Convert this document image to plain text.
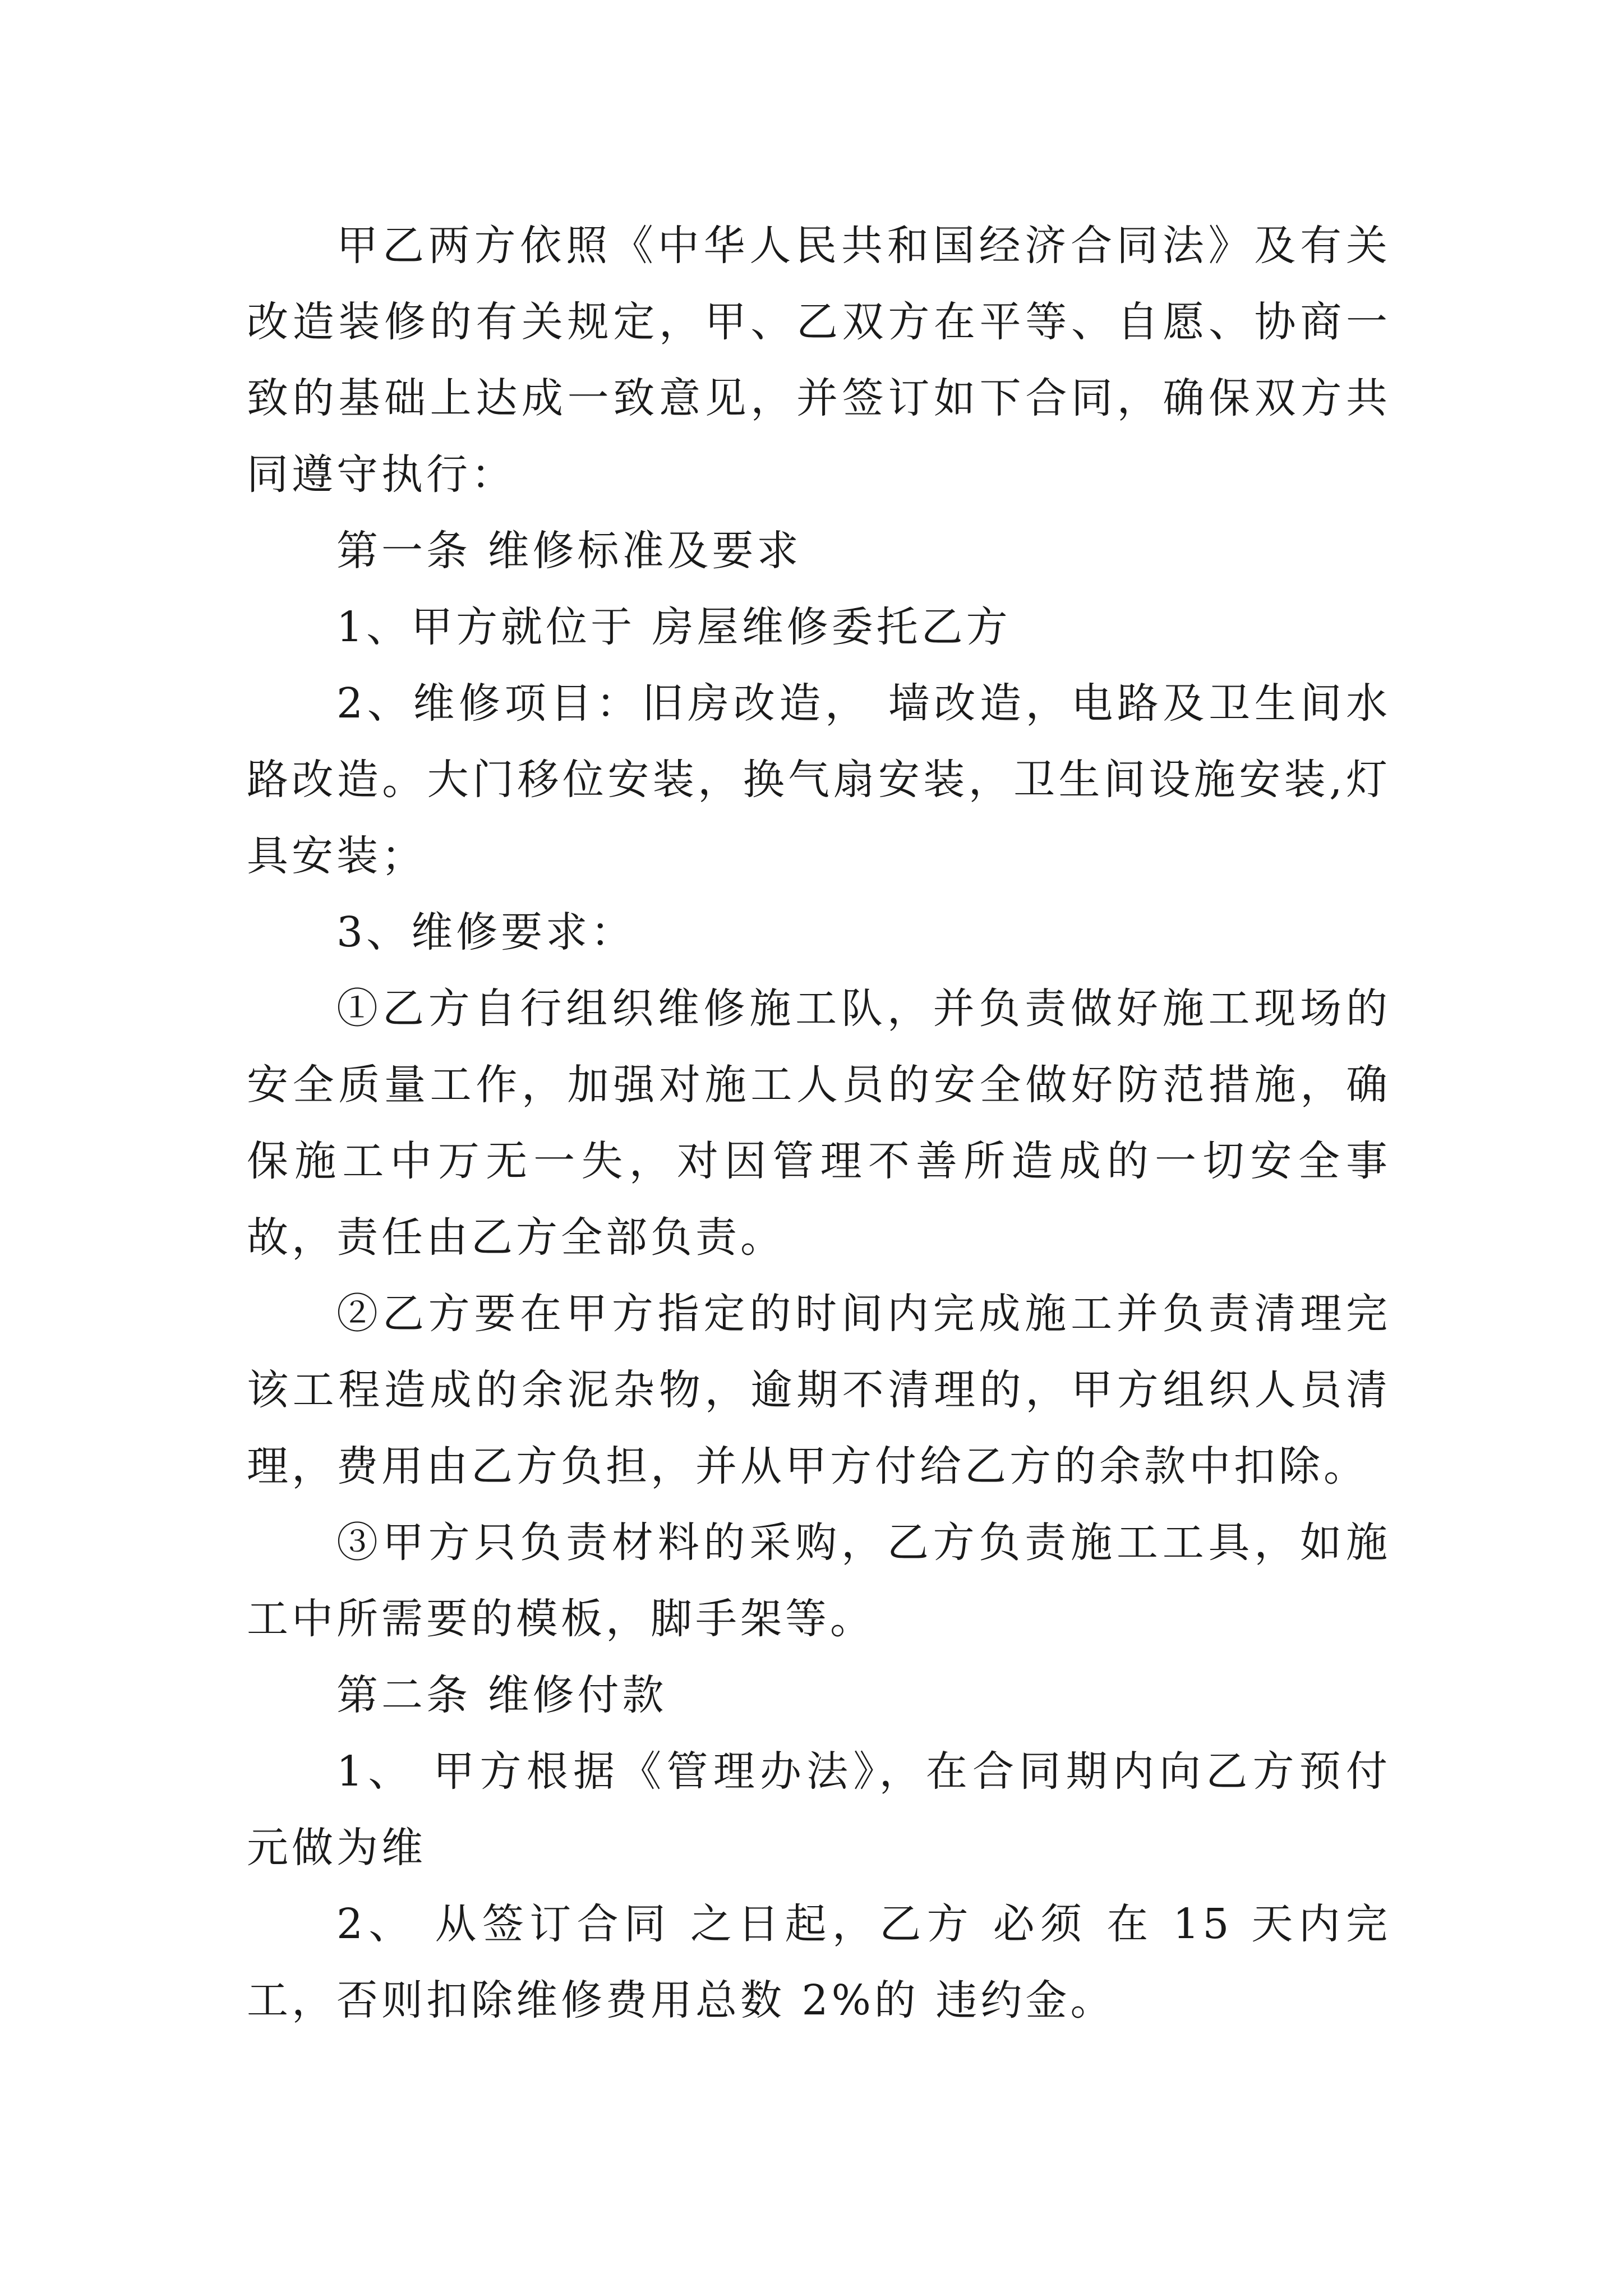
甲乙两方依照《中华人民共和国经济合同法》及有关改造装修的有关规定，甲、乙双方在平等、自愿、协商一致的基础上达成一致意见，并签订如下合同，确保双方共同遵守执行：

第一条 维修标准及要求

1、甲方就位于 房屋维修委托乙方

2、维修项目：旧房改造， 墙改造，电路及卫生间水路改造。大门移位安装，换气扇安装，卫生间设施安装,灯具安装；

3、维修要求：

①乙方自行组织维修施工队，并负责做好施工现场的安全质量工作，加强对施工人员的安全做好防范措施，确保施工中万无一失，对因管理不善所造成的一切安全事故，责任由乙方全部负责。

②乙方要在甲方指定的时间内完成施工并负责清理完该工程造成的余泥杂物，逾期不清理的，甲方组织人员清理，费用由乙方负担，并从甲方付给乙方的余款中扣除。

③甲方只负责材料的采购，乙方负责施工工具，如施工中所需要的模板，脚手架等。

第二条 维修付款

1、 甲方根据《管理办法》，在合同期内向乙方预付 元做为维

2、 从签订合同 之日起，乙方 必须 在 15 天内完工，否则扣除维修费用总数 2%的 违约金。
